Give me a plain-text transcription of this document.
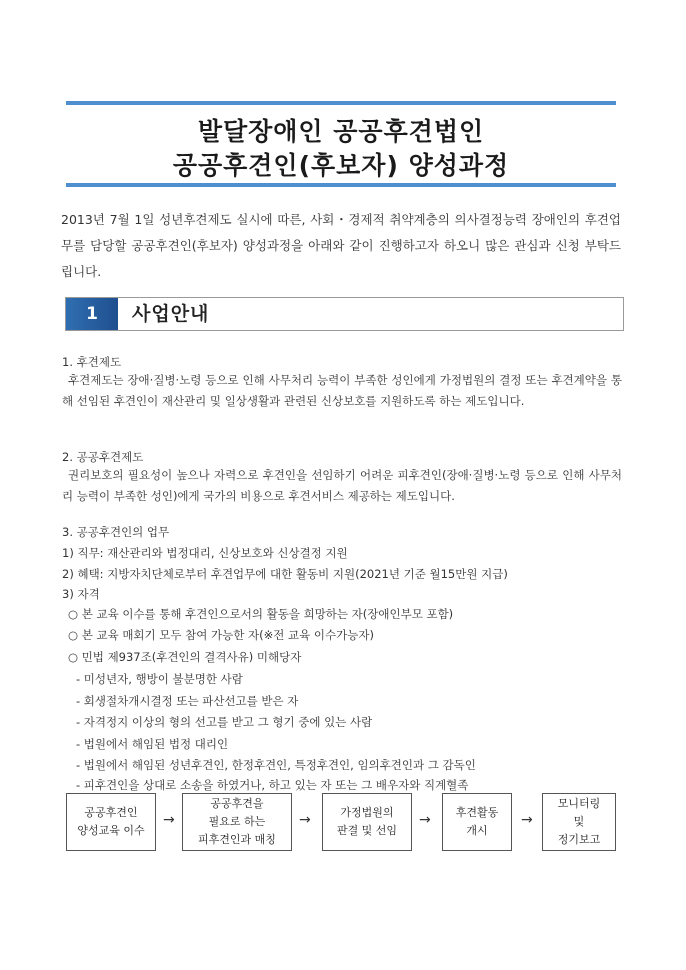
발달장애인 공공후견법인
공공후견인(후보자) 양성과정

2013년 7월 1일 성년후견제도 실시에 따른, 사회・경제적 취약계층의 의사결정능력 장애인의 후견업무를 담당할 공공후견인(후보자) 양성과정을 아래와 같이 진행하고자 하오니 많은 관심과 신청 부탁드립니다.

1	사업안내

1. 후견제도

후견제도는 장애·질병·노령 등으로 인해 사무처리 능력이 부족한 성인에게 가정법원의 결정 또는 후견계약을 통해 선임된 후견인이 재산관리 및 일상생활과 관련된 신상보호를 지원하도록 하는 제도입니다.

2. 공공후견제도

권리보호의 필요성이 높으나 자력으로 후견인을 선임하기 어려운 피후견인(장애·질병·노령 등으로 인해 사무처리 능력이 부족한 성인)에게 국가의 비용으로 후견서비스 제공하는 제도입니다.

3. 공공후견인의 업무

1) 직무: 재산관리와 법정대리, 신상보호와 신상결정 지원

2) 혜택: 지방자치단체로부터 후견업무에 대한 활동비 지원(2021년 기준 월15만원 지급)

3) 자격

○ 본 교육 이수를 통해 후견인으로서의 활동을 희망하는 자(장애인부모 포함)

○ 본 교육 매회기 모두 참여 가능한 자(※전 교육 이수가능자)

○ 민법 제937조(후견인의 결격사유) 미해당자

- 미성년자, 행방이 불분명한 사람

- 회생절차개시결정 또는 파산선고를 받은 자

- 자격정지 이상의 형의 선고를 받고 그 형기 중에 있는 사람

- 법원에서 해임된 법정 대리인

- 법원에서 해임된 성년후견인, 한정후견인, 특정후견인, 임의후견인과 그 감독인

- 피후견인을 상대로 소송을 하였거나, 하고 있는 자 또는 그 배우자와 직계혈족

공공후견인
양성교육 이수
→
공공후견을
필요로 하는
피후견인과 매칭
→	가정법원의
판결 및 선임
→ 후견활동
개시
→
모니터링
및
정기보고
